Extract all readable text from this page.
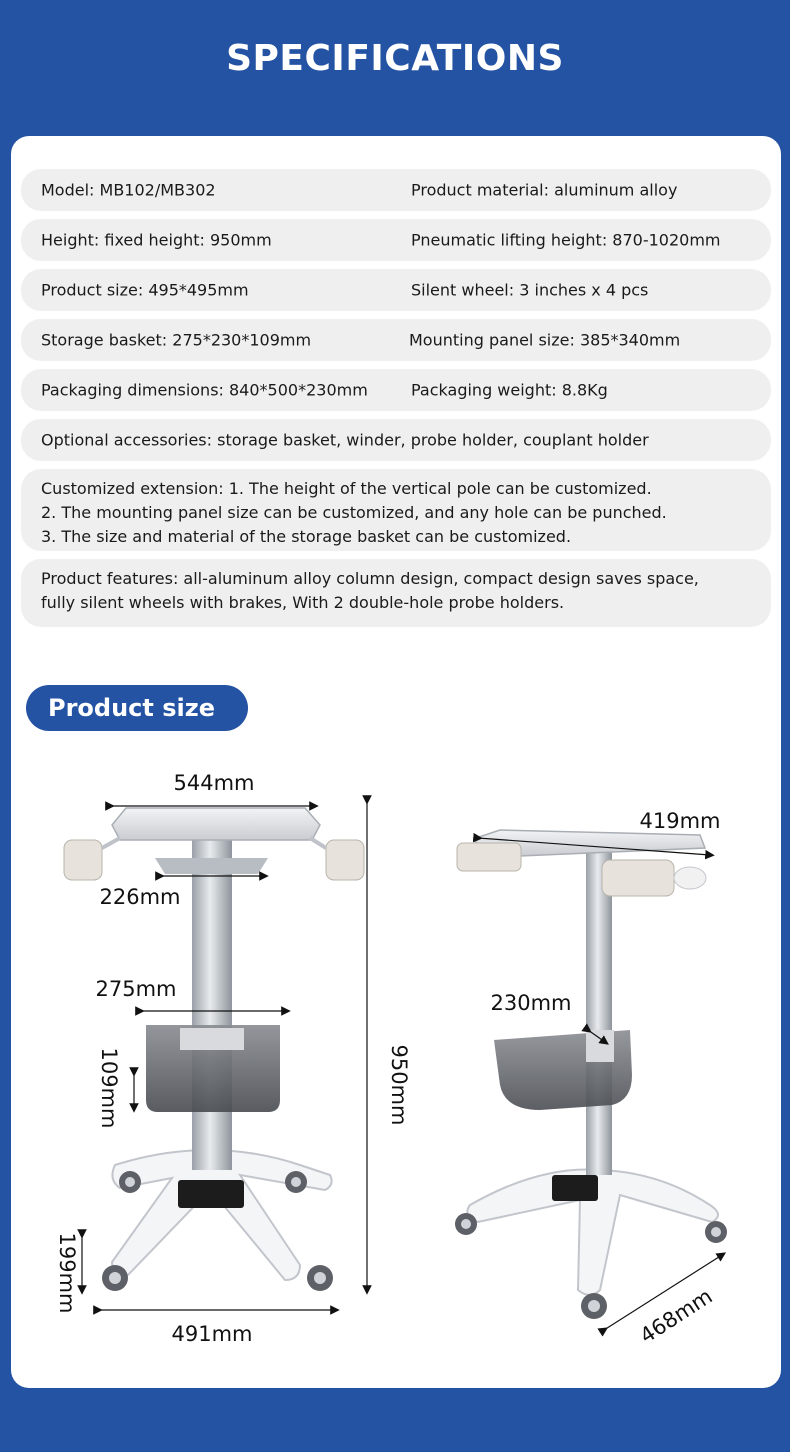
SPECIFICATIONS
Model: MB102/MB302	Product material: aluminum alloy
Height: fixed height: 950mm	Pneumatic lifting height: 870-1020mm
Product size: 495*495mm	Silent wheel: 3 inches x 4 pcs
Storage basket: 275*230*109mm	Mounting panel size: 385*340mm
Packaging dimensions: 840*500*230mm	Packaging weight: 8.8Kg
Optional accessories: storage basket, winder, probe holder, couplant holder
Customized extension: 1. The height of the vertical pole can be customized.
2. The mounting panel size can be customized, and any hole can be punched.
3. The size and material of the storage basket can be customized.
Product features: all-aluminum alloy column design, compact design saves space,
fully silent wheels with brakes, With 2 double-hole probe holders.
Product size
544mm
226mm
275mm
109mm	950mm
199mm
491mm
419mm
230mm
468mm
